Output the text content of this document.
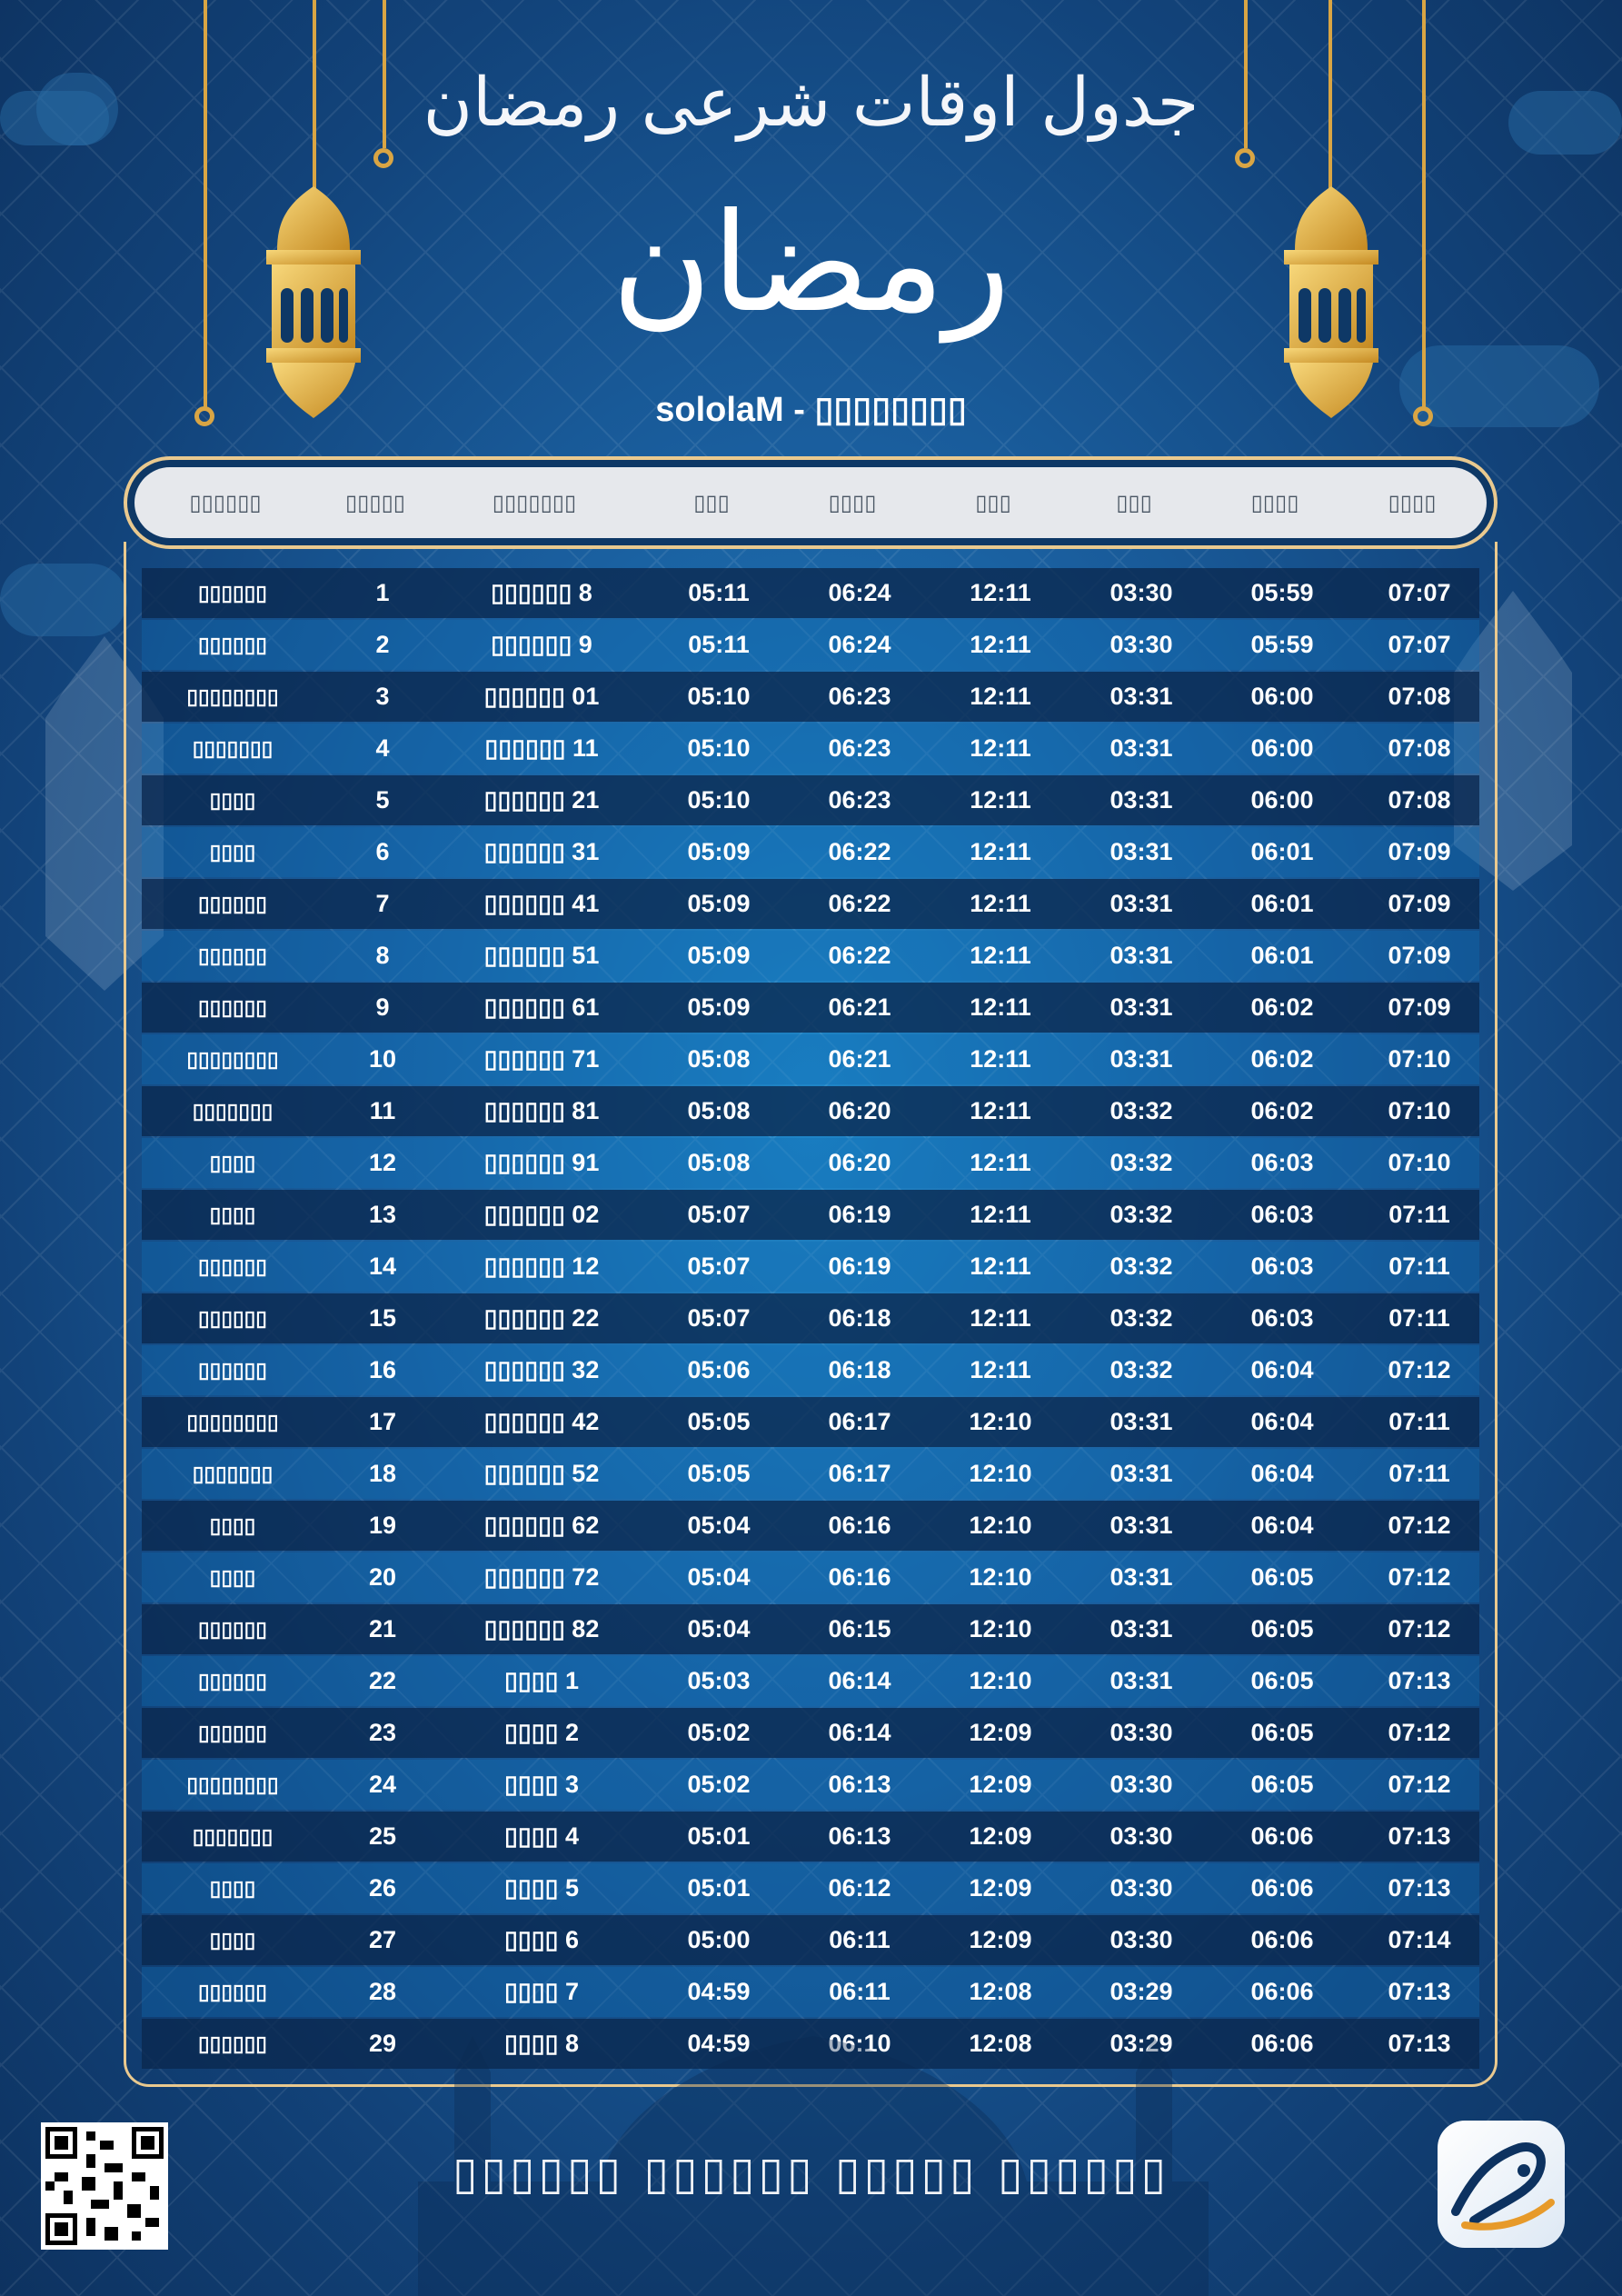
جدول اوقات شرعی رمضان
رمضان
sololaM - ▯▯▯▯▯▯▯▯
▯▯▯▯▯▯	▯▯▯▯▯	▯▯▯▯▯▯▯	▯▯▯	▯▯▯▯	▯▯▯	▯▯▯	▯▯▯▯	▯▯▯▯
▯▯▯▯▯▯	1	▯▯▯▯▯▯ 8	05:11	06:24	12:11	03:30	05:59	07:07
▯▯▯▯▯▯	2	▯▯▯▯▯▯ 9	05:11	06:24	12:11	03:30	05:59	07:07
▯▯▯▯▯▯▯▯	3	▯▯▯▯▯▯ 01	05:10	06:23	12:11	03:31	06:00	07:08
▯▯▯▯▯▯▯	4	▯▯▯▯▯▯ 11	05:10	06:23	12:11	03:31	06:00	07:08
▯▯▯▯	5	▯▯▯▯▯▯ 21	05:10	06:23	12:11	03:31	06:00	07:08
▯▯▯▯	6	▯▯▯▯▯▯ 31	05:09	06:22	12:11	03:31	06:01	07:09
▯▯▯▯▯▯	7	▯▯▯▯▯▯ 41	05:09	06:22	12:11	03:31	06:01	07:09
▯▯▯▯▯▯	8	▯▯▯▯▯▯ 51	05:09	06:22	12:11	03:31	06:01	07:09
▯▯▯▯▯▯	9	▯▯▯▯▯▯ 61	05:09	06:21	12:11	03:31	06:02	07:09
▯▯▯▯▯▯▯▯	10	▯▯▯▯▯▯ 71	05:08	06:21	12:11	03:31	06:02	07:10
▯▯▯▯▯▯▯	11	▯▯▯▯▯▯ 81	05:08	06:20	12:11	03:32	06:02	07:10
▯▯▯▯	12	▯▯▯▯▯▯ 91	05:08	06:20	12:11	03:32	06:03	07:10
▯▯▯▯	13	▯▯▯▯▯▯ 02	05:07	06:19	12:11	03:32	06:03	07:11
▯▯▯▯▯▯	14	▯▯▯▯▯▯ 12	05:07	06:19	12:11	03:32	06:03	07:11
▯▯▯▯▯▯	15	▯▯▯▯▯▯ 22	05:07	06:18	12:11	03:32	06:03	07:11
▯▯▯▯▯▯	16	▯▯▯▯▯▯ 32	05:06	06:18	12:11	03:32	06:04	07:12
▯▯▯▯▯▯▯▯	17	▯▯▯▯▯▯ 42	05:05	06:17	12:10	03:31	06:04	07:11
▯▯▯▯▯▯▯	18	▯▯▯▯▯▯ 52	05:05	06:17	12:10	03:31	06:04	07:11
▯▯▯▯	19	▯▯▯▯▯▯ 62	05:04	06:16	12:10	03:31	06:04	07:12
▯▯▯▯	20	▯▯▯▯▯▯ 72	05:04	06:16	12:10	03:31	06:05	07:12
▯▯▯▯▯▯	21	▯▯▯▯▯▯ 82	05:04	06:15	12:10	03:31	06:05	07:12
▯▯▯▯▯▯	22	▯▯▯▯ 1	05:03	06:14	12:10	03:31	06:05	07:13
▯▯▯▯▯▯	23	▯▯▯▯ 2	05:02	06:14	12:09	03:30	06:05	07:12
▯▯▯▯▯▯▯▯	24	▯▯▯▯ 3	05:02	06:13	12:09	03:30	06:05	07:12
▯▯▯▯▯▯▯	25	▯▯▯▯ 4	05:01	06:13	12:09	03:30	06:06	07:13
▯▯▯▯	26	▯▯▯▯ 5	05:01	06:12	12:09	03:30	06:06	07:13
▯▯▯▯	27	▯▯▯▯ 6	05:00	06:11	12:09	03:30	06:06	07:14
▯▯▯▯▯▯	28	▯▯▯▯ 7	04:59	06:11	12:08	03:29	06:06	07:13
▯▯▯▯▯▯	29	▯▯▯▯ 8	04:59	06:10	12:08	03:29	06:06	07:13
▯▯▯▯▯▯ ▯▯▯▯▯▯ ▯▯▯▯▯ ▯▯▯▯▯▯
